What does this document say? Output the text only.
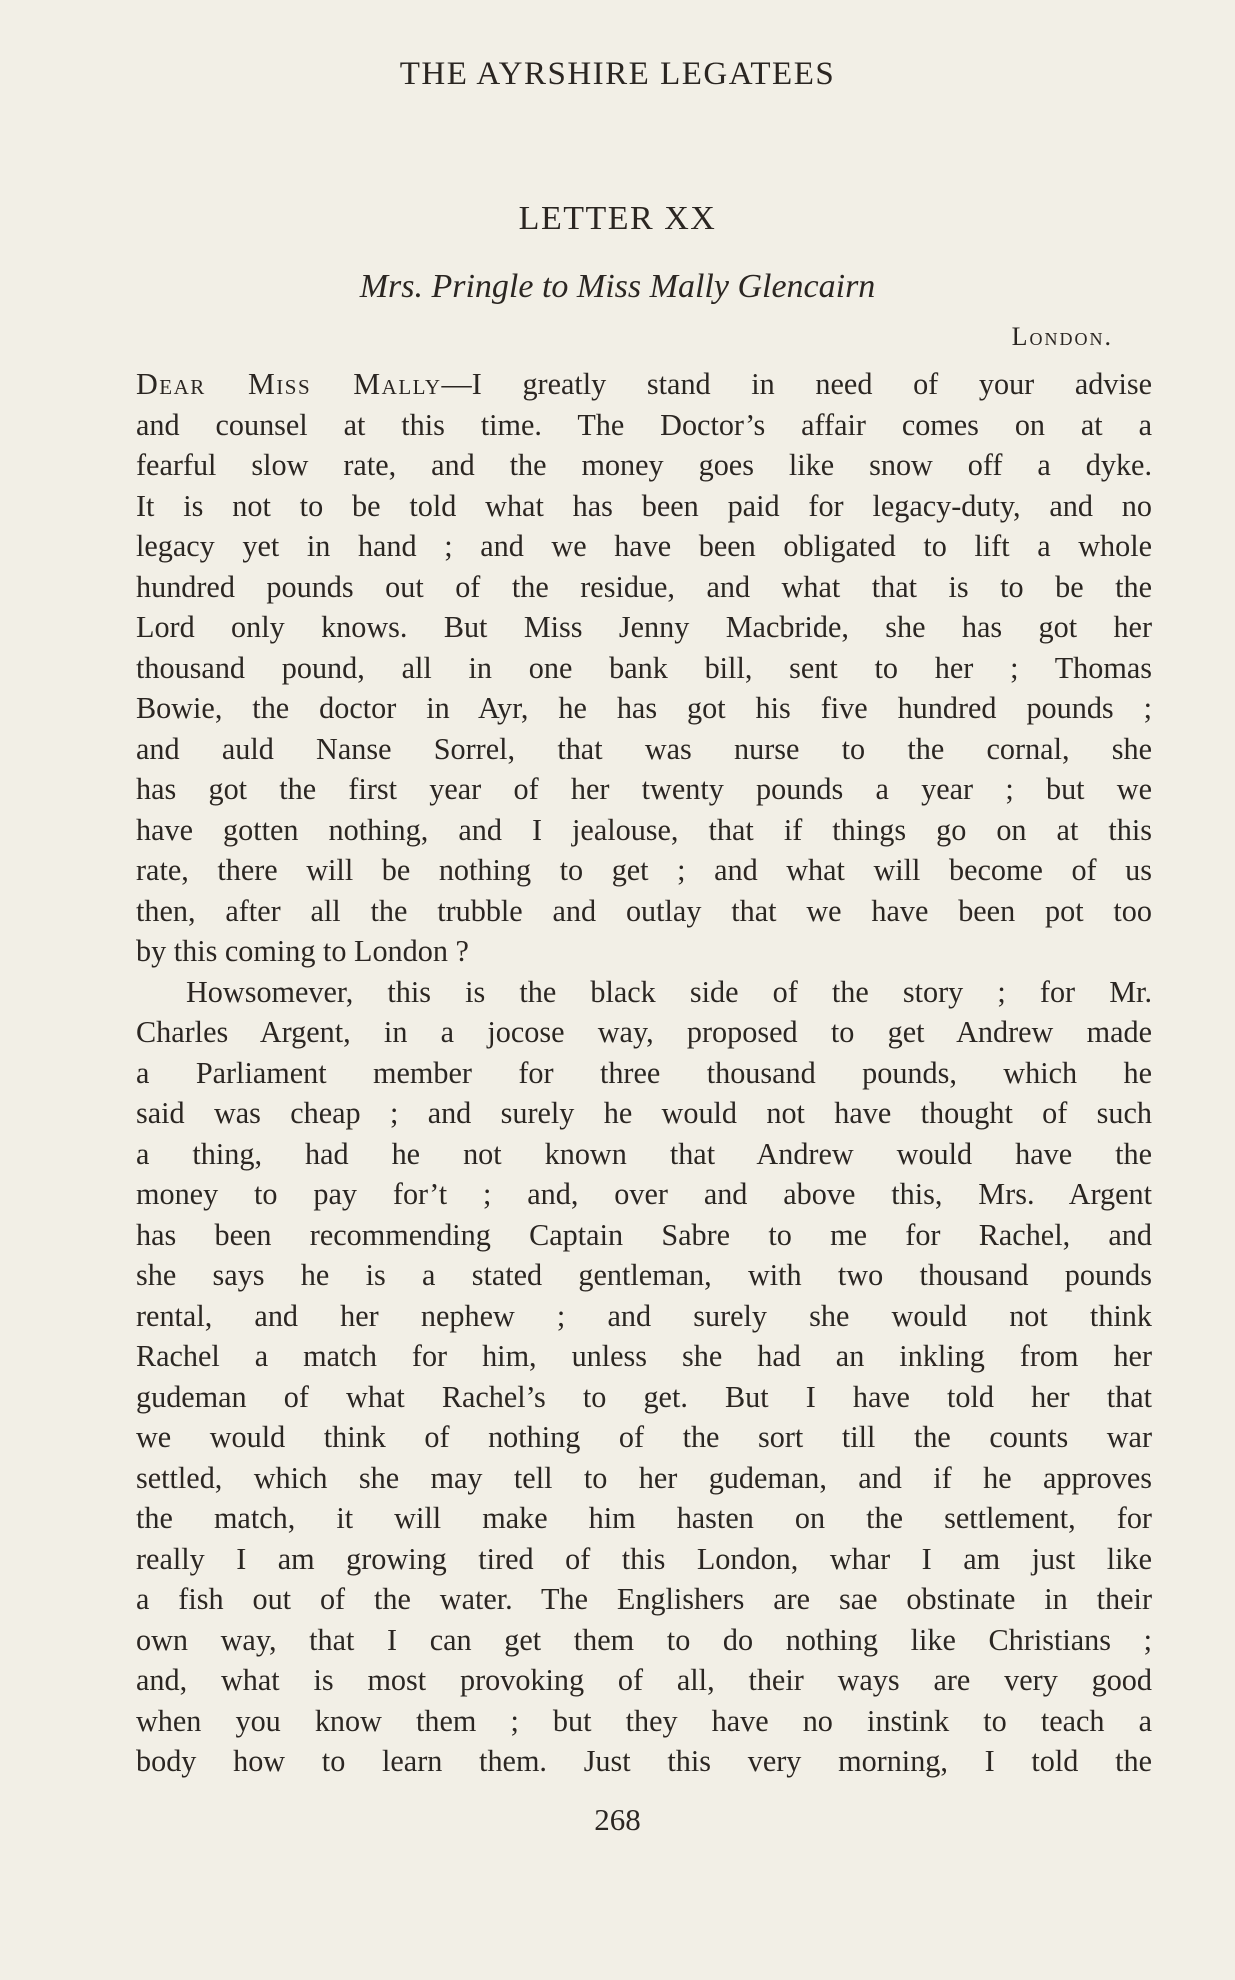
THE AYRSHIRE LEGATEES
LETTER XX
Mrs. Pringle to Miss Mally Glencairn
London.
Dear Miss Mally—I greatly stand in need of your advise
and counsel at this time. The Doctor’s affair comes on at a
fearful slow rate, and the money goes like snow off a dyke.
It is not to be told what has been paid for legacy-duty, and no
legacy yet in hand ; and we have been obligated to lift a whole
hundred pounds out of the residue, and what that is to be the
Lord only knows. But Miss Jenny Macbride, she has got her
thousand pound, all in one bank bill, sent to her ; Thomas
Bowie, the doctor in Ayr, he has got his five hundred pounds ;
and auld Nanse Sorrel, that was nurse to the cornal, she
has got the first year of her twenty pounds a year ; but we
have gotten nothing, and I jealouse, that if things go on at this
rate, there will be nothing to get ; and what will become of us
then, after all the trubble and outlay that we have been pot too
by this coming to London ?
Howsomever, this is the black side of the story ; for Mr.
Charles Argent, in a jocose way, proposed to get Andrew made
a Parliament member for three thousand pounds, which he
said was cheap ; and surely he would not have thought of such
a thing, had he not known that Andrew would have the
money to pay for’t ; and, over and above this, Mrs. Argent
has been recommending Captain Sabre to me for Rachel, and
she says he is a stated gentleman, with two thousand pounds
rental, and her nephew ; and surely she would not think
Rachel a match for him, unless she had an inkling from her
gudeman of what Rachel’s to get. But I have told her that
we would think of nothing of the sort till the counts war
settled, which she may tell to her gudeman, and if he approves
the match, it will make him hasten on the settlement, for
really I am growing tired of this London, whar I am just like
a fish out of the water. The Englishers are sae obstinate in their
own way, that I can get them to do nothing like Christians ;
and, what is most provoking of all, their ways are very good
when you know them ; but they have no instink to teach a
body how to learn them. Just this very morning, I told the
268
